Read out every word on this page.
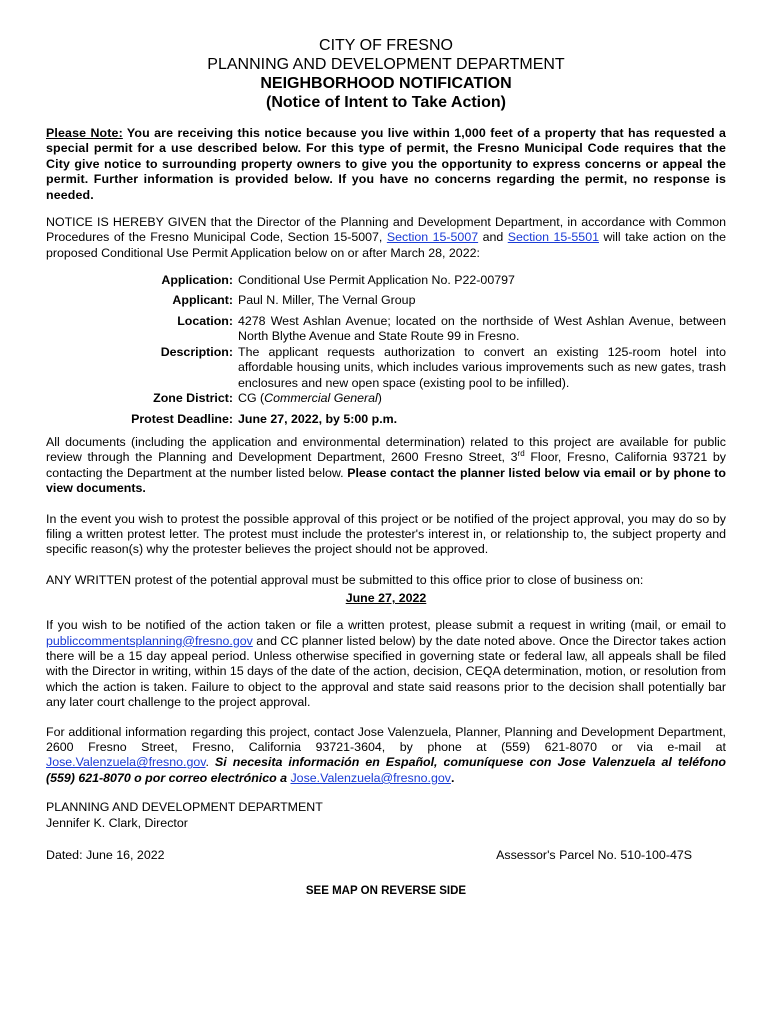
CITY OF FRESNO
PLANNING AND DEVELOPMENT DEPARTMENT
NEIGHBORHOOD NOTIFICATION
(Notice of Intent to Take Action)

Please Note: You are receiving this notice because you live within 1,000 feet of a property that has requested a special permit for a use described below. For this type of permit, the Fresno Municipal Code requires that the City give notice to surrounding property owners to give you the opportunity to express concerns or appeal the permit. Further information is provided below. If you have no concerns regarding the permit, no response is needed.

NOTICE IS HEREBY GIVEN that the Director of the Planning and Development Department, in accordance with Common Procedures of the Fresno Municipal Code, Section 15-5007, Section 15-5007 and Section 15-5501 will take action on the proposed Conditional Use Permit Application below on or after March 28, 2022:

Application: Conditional Use Permit Application No. P22-00797
Applicant: Paul N. Miller, The Vernal Group
Location: 4278 West Ashlan Avenue; located on the northside of West Ashlan Avenue, between North Blythe Avenue and State Route 99 in Fresno.
Description: The applicant requests authorization to convert an existing 125-room hotel into affordable housing units, which includes various improvements such as new gates, trash enclosures and new open space (existing pool to be infilled).
Zone District: CG (Commercial General)
Protest Deadline: June 27, 2022, by 5:00 p.m.

All documents (including the application and environmental determination) related to this project are available for public review through the Planning and Development Department, 2600 Fresno Street, 3rd Floor, Fresno, California 93721 by contacting the Department at the number listed below. Please contact the planner listed below via email or by phone to view documents.

In the event you wish to protest the possible approval of this project or be notified of the project approval, you may do so by filing a written protest letter. The protest must include the protester's interest in, or relationship to, the subject property and specific reason(s) why the protester believes the project should not be approved.

ANY WRITTEN protest of the potential approval must be submitted to this office prior to close of business on:

June 27, 2022

If you wish to be notified of the action taken or file a written protest, please submit a request in writing (mail, or email to publiccommentsplanning@fresno.gov and CC planner listed below) by the date noted above. Once the Director takes action there will be a 15 day appeal period. Unless otherwise specified in governing state or federal law, all appeals shall be filed with the Director in writing, within 15 days of the date of the action, decision, CEQA determination, motion, or resolution from which the action is taken. Failure to object to the approval and state said reasons prior to the decision shall potentially bar any later court challenge to the project approval.

For additional information regarding this project, contact Jose Valenzuela, Planner, Planning and Development Department, 2600 Fresno Street, Fresno, California 93721-3604, by phone at (559) 621-8070 or via e-mail at Jose.Valenzuela@fresno.gov. Si necesita información en Español, comuníquese con Jose Valenzuela al teléfono (559) 621-8070 o por correo electrónico a Jose.Valenzuela@fresno.gov.

PLANNING AND DEVELOPMENT DEPARTMENT
Jennifer K. Clark, Director
Dated: June 16, 2022	Assessor's Parcel No. 510-100-47S
SEE MAP ON REVERSE SIDE
